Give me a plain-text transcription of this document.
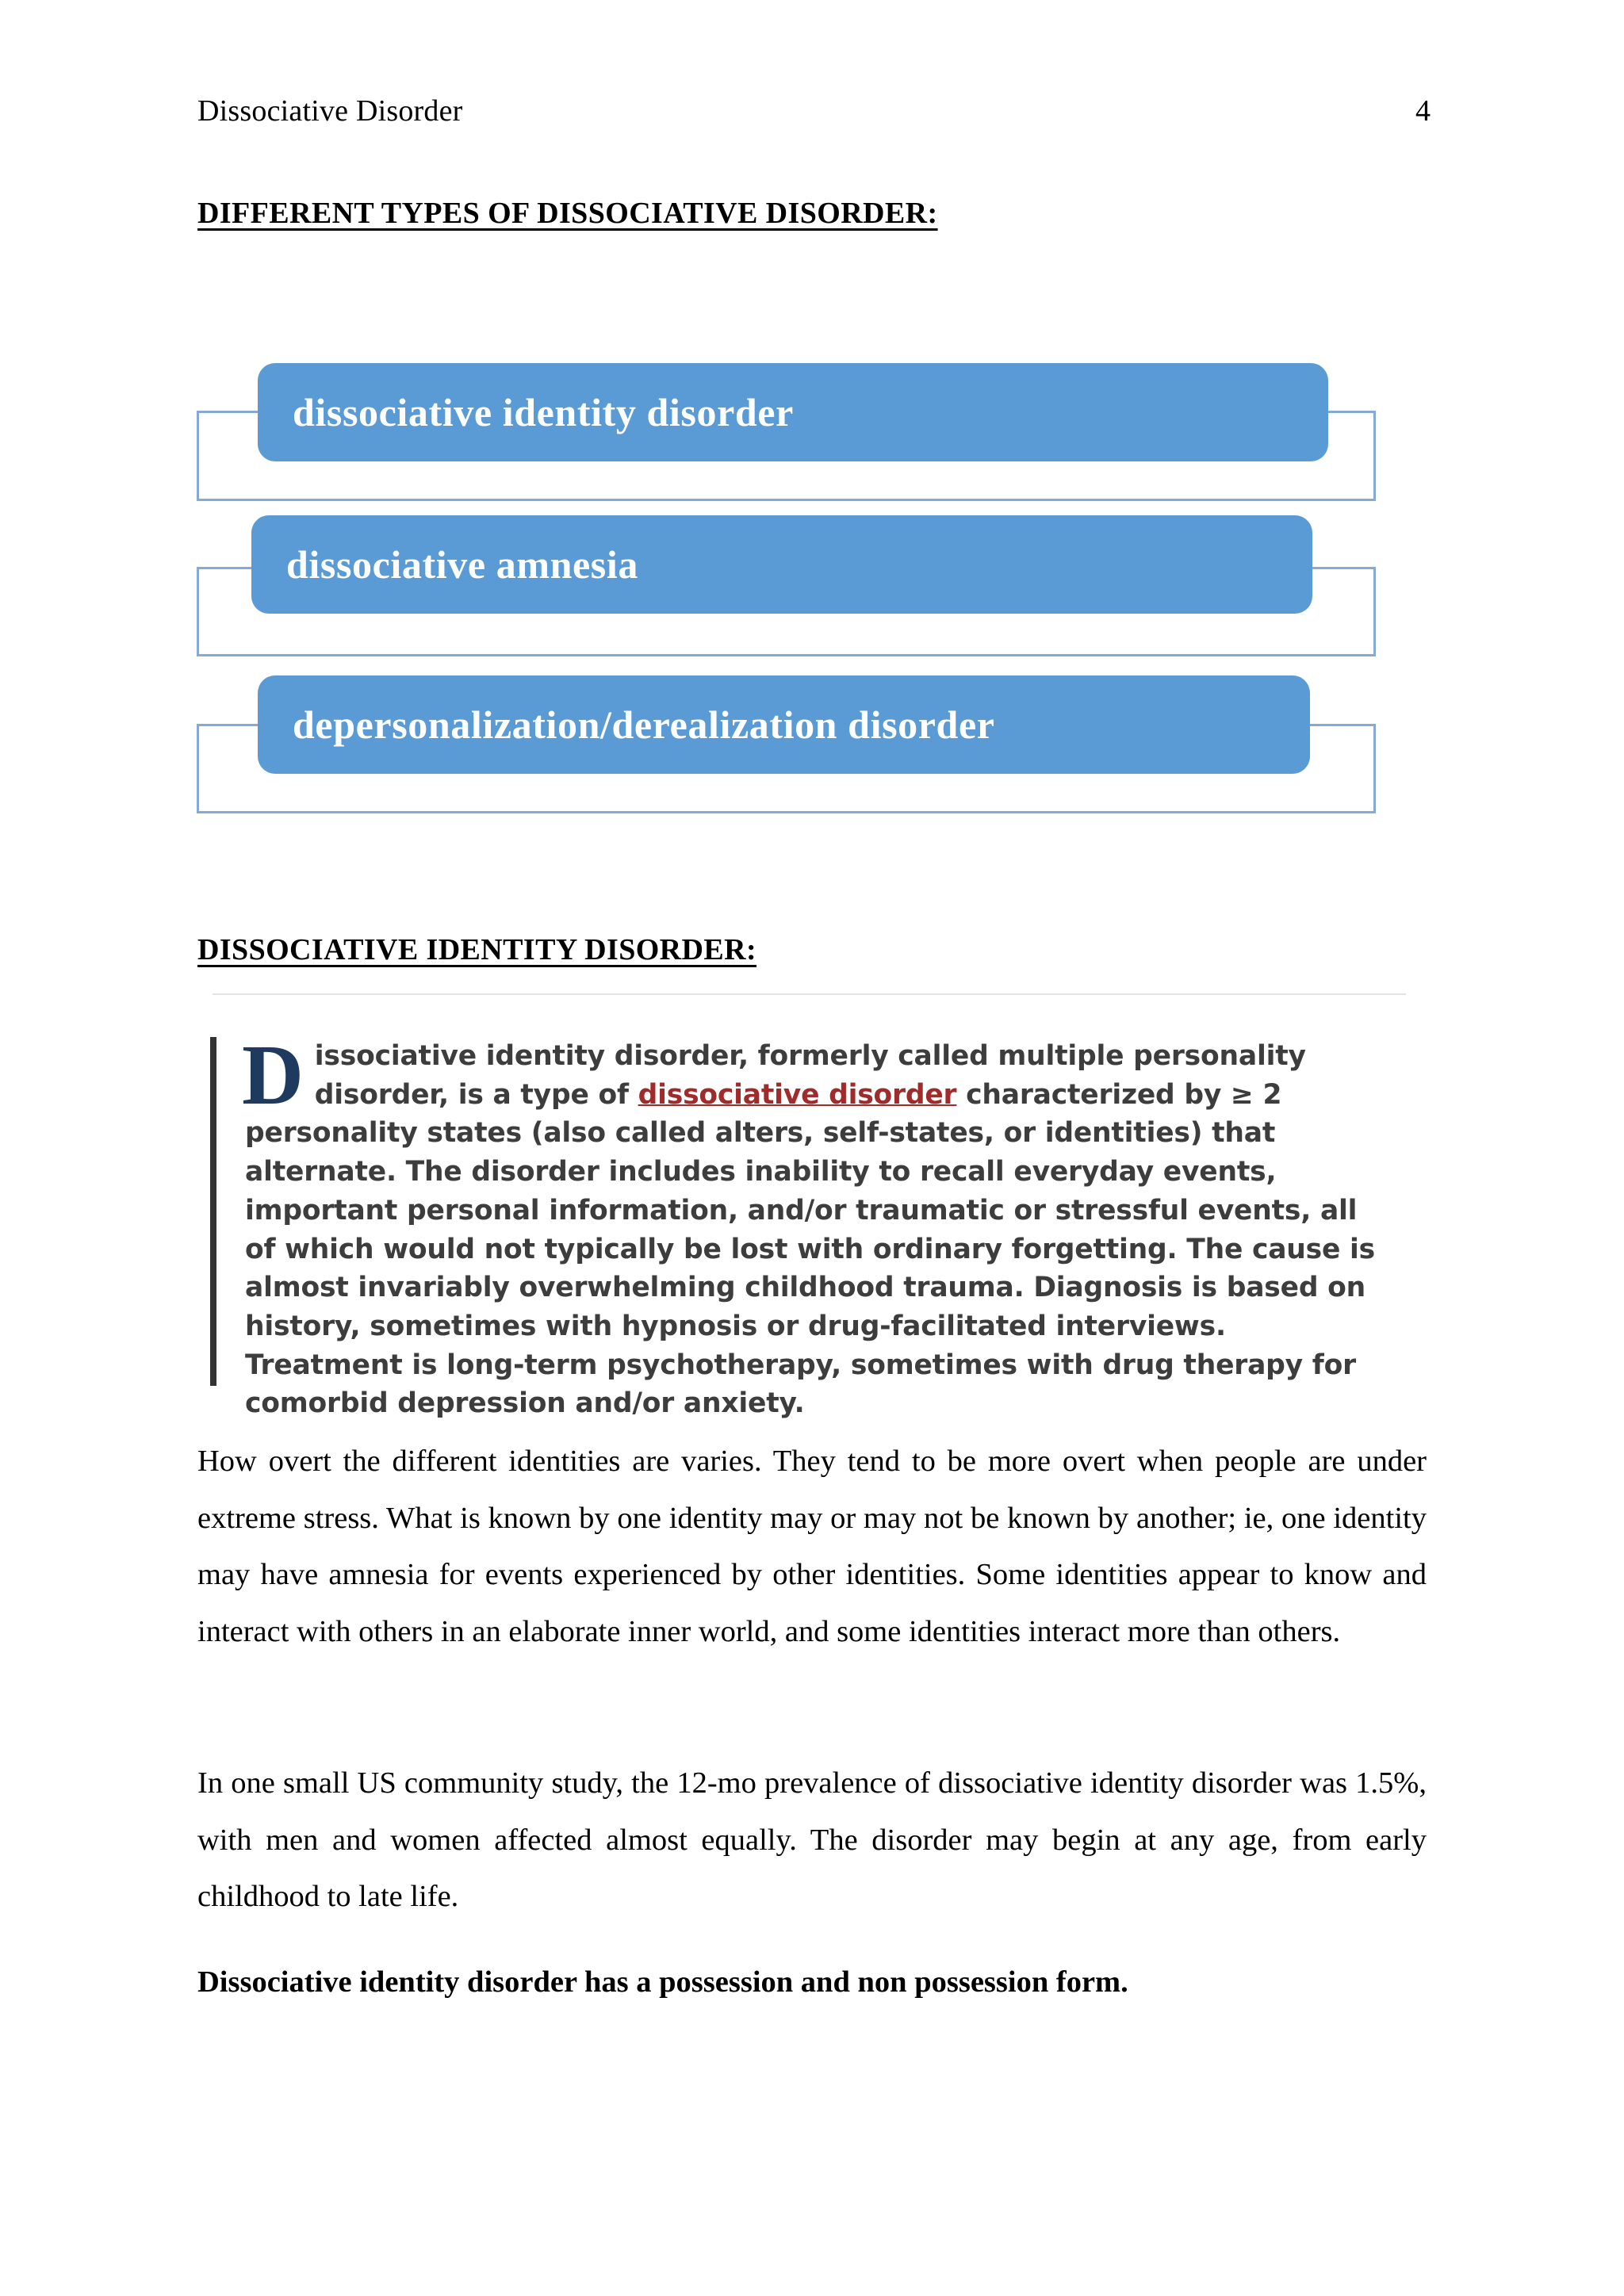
Dissociative Disorder	4
DIFFERENT TYPES OF DISSOCIATIVE DISORDER:
dissociative identity disorder
dissociative amnesia
depersonalization/derealization disorder
DISSOCIATIVE IDENTITY DISORDER:
Dissociative identity disorder, formerly called multiple personality disorder, is a type of dissociative disorder characterized by ≥ 2 personality states (also called alters, self-states, or identities) that alternate. The disorder includes inability to recall everyday events, important personal information, and/or traumatic or stressful events, all of which would not typically be lost with ordinary forgetting. The cause is almost invariably overwhelming childhood trauma. Diagnosis is based on history, sometimes with hypnosis or drug-facilitated interviews. Treatment is long-term psychotherapy, sometimes with drug therapy for comorbid depression and/or anxiety.

How overt the different identities are varies. They tend to be more overt when people are under extreme stress. What is known by one identity may or may not be known by another; ie, one identity may have amnesia for events experienced by other identities. Some identities appear to know and interact with others in an elaborate inner world, and some identities interact more than others.

In one small US community study, the 12-mo prevalence of dissociative identity disorder was 1.5%, with men and women affected almost equally. The disorder may begin at any age, from early childhood to late life.

Dissociative identity disorder has a possession and non possession form.
